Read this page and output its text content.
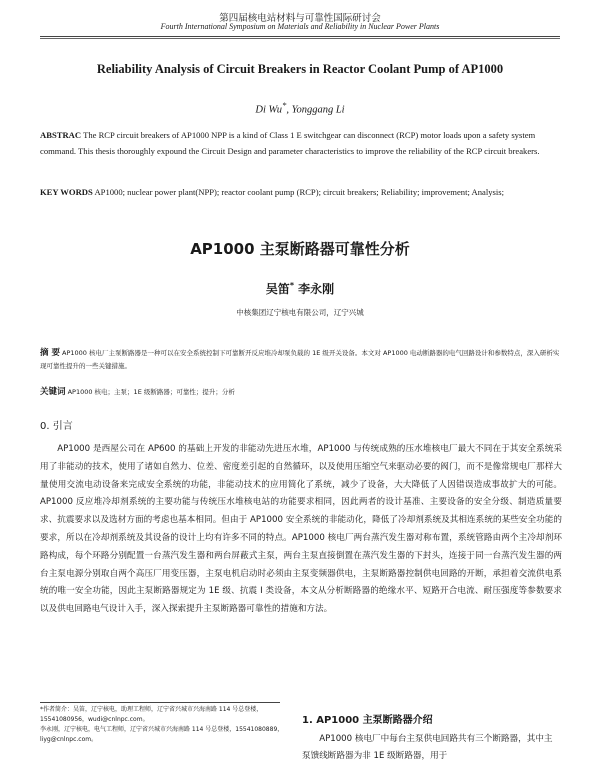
第四届核电站材料与可靠性国际研讨会
Fourth International Symposium on Materials and Reliability in Nuclear Power Plants
Reliability Analysis of Circuit Breakers in Reactor Coolant Pump of AP1000
Di Wu*, Yonggang Li
ABSTRAC The RCP circuit breakers of AP1000 NPP is a kind of Class 1 E switchgear can disconnect (RCP) motor loads upon a safety system command. This thesis thoroughly expound the Circuit Design and parameter characteristics to improve the reliability of the RCP circuit breakers.
KEY WORDS AP1000; nuclear power plant(NPP); reactor coolant pump (RCP); circuit breakers; Reliability; improvement; Analysis;
AP1000 主泵断路器可靠性分析
吴笛* 李永刚
中核集团辽宁核电有限公司，辽宁兴城
摘 要 AP1000 核电厂主泵断路器是一种可以在安全系统控制下可靠断开反应堆冷却泵负载的 1E 级开关设备。本文对 AP1000 电动断路器的电气回路设计和参数特点，深入研析实现可靠性提升的一些关键措施。
关键词 AP1000 核电；主泵；1E 级断路器；可靠性；提升；分析
0. 引言

AP1000 是西屋公司在 AP600 的基础上开发的非能动先进压水堆，AP1000 与传统成熟的压水堆核电厂最大不同在于其安全系统采用了非能动的技术，使用了诸如自然力、位差、密度差引起的自然循环，以及使用压缩空气来驱动必要的阀门，而不是像常规电厂那样大量使用交流电动设备来完成安全系统的功能，非能动技术的应用简化了系统，减少了设备，大大降低了人因错误造成事故扩大的可能。AP1000 反应堆冷却剂系统的主要功能与传统压水堆核电站的功能要求相同，因此两者的设计基准、主要设备的安全分级、制造质量要求、抗震要求以及选材方面的考虑也基本相同。但由于 AP1000 安全系统的非能动化，降低了冷却剂系统及其相连系统的某些安全功能的要求，所以在冷却剂系统及其设备的设计上均有许多不同的特点。AP1000 核电厂两台蒸汽发生器对称布置，系统管路由两个主冷却剂环路构成，每个环路分别配置一台蒸汽发生器和两台屏蔽式主泵，两台主泵直接倒置在蒸汽发生器的下封头，连接于同一台蒸汽发生器的两台主泵电源分别取自两个高压厂用变压器，主泵电机启动时必须由主泵变频器供电，主泵断路器控制供电回路的开断，承担着交流供电系统的唯一安全功能，因此主泵断路器规定为 1E 级、抗震 I 类设备，本文从分析断路器的绝缘水平、短路开合电流、耐压强度等参数要求以及供电回路电气设计入手，深入探索提升主泵断路器可靠性的措施和方法。

*作者简介：吴笛，辽宁核电，助理工程师，辽宁省兴城市兴海南路 114 号总登楼，15541080956，wudi@cnlnpc.com。
李永刚，辽宁核电，电气工程师，辽宁省兴城市兴海南路 114 号总登楼，15541080889，liyg@cnlnpc.com。
1. AP1000 主泵断路器介绍

AP1000 核电厂中每台主泵供电回路共有三个断路器，其中主泵馈线断路器为非 1E 级断路器，用于
